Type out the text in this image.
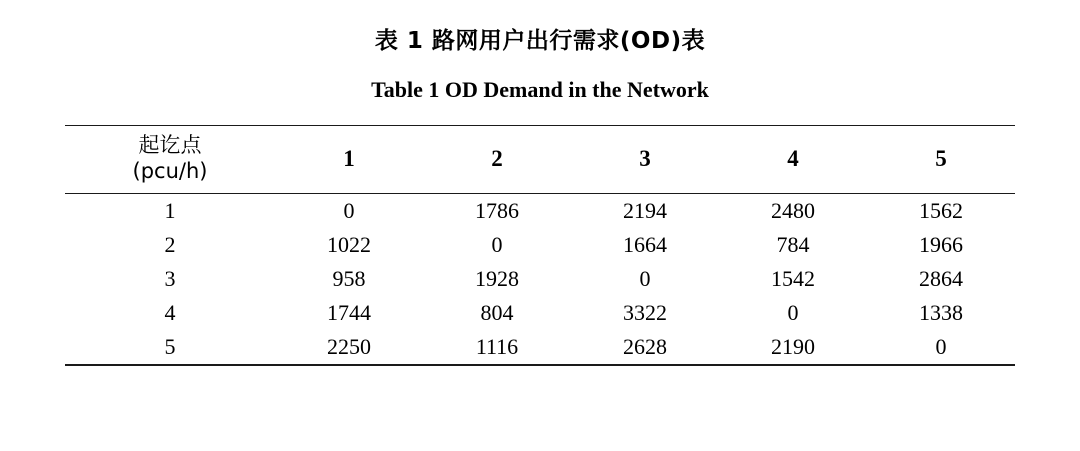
表 1 路网用户出行需求(OD)表
Table 1 OD Demand in the Network
起讫点
(pcu/h)	1	2	3	4	5
1	0	1786	2194	2480	1562
2	1022	0	1664	784	1966
3	958	1928	0	1542	2864
4	1744	804	3322	0	1338
5	2250	1116	2628	2190	0
